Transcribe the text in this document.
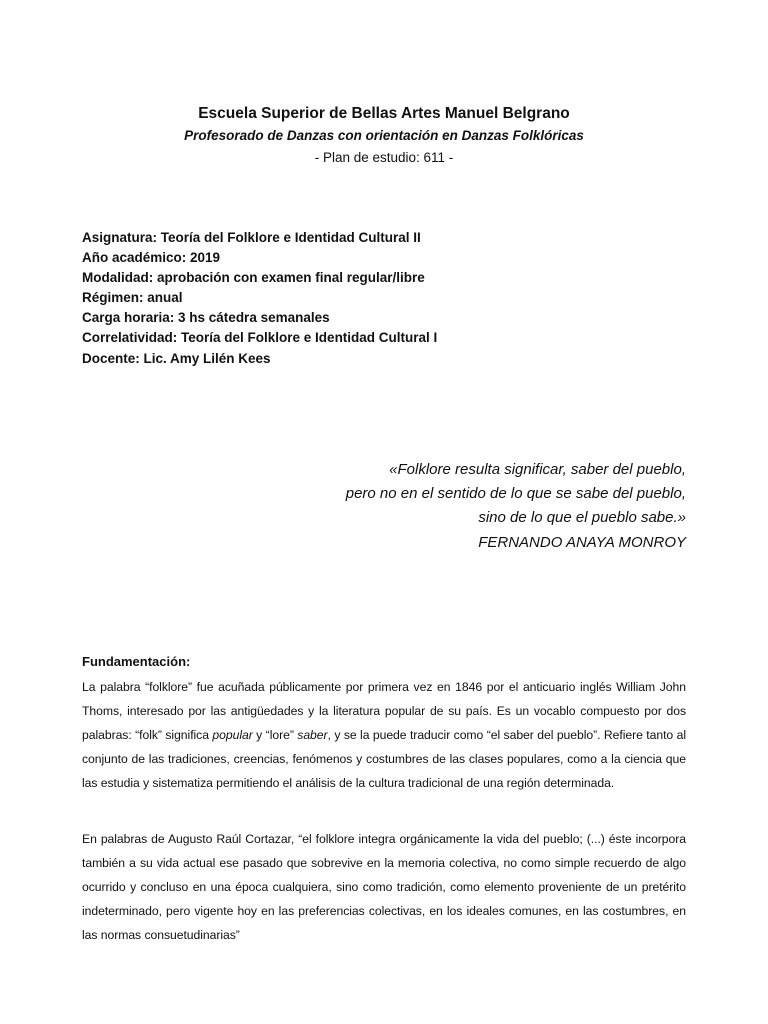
Escuela Superior de Bellas Artes Manuel Belgrano
Profesorado de Danzas con orientación en Danzas Folklóricas
- Plan de estudio: 611 -
Asignatura: Teoría del Folklore e Identidad Cultural II
Año académico: 2019
Modalidad: aprobación con examen final regular/libre
Régimen: anual
Carga horaria: 3 hs cátedra semanales
Correlatividad: Teoría del Folklore e Identidad Cultural I
Docente: Lic. Amy Lilén Kees
«Folklore resulta significar, saber del pueblo,
pero no en el sentido de lo que se sabe del pueblo,
sino de lo que el pueblo sabe.»
FERNANDO ANAYA MONROY
Fundamentación:
La palabra “folklore” fue acuñada públicamente por primera vez en 1846 por el anticuario inglés William John Thoms, interesado por las antigüedades y la literatura popular de su país. Es un vocablo compuesto por dos palabras: “folk” significa popular y “lore” saber, y se la puede traducir como “el saber del pueblo”. Refiere tanto al conjunto de las tradiciones, creencias, fenómenos y costumbres de las clases populares, como a la ciencia que las estudia y sistematiza permitiendo el análisis de la cultura tradicional de una región determinada.
En palabras de Augusto Raúl Cortazar, “el folklore integra orgánicamente la vida del pueblo; (...) éste incorpora también a su vida actual ese pasado que sobrevive en la memoria colectiva, no como simple recuerdo de algo ocurrido y concluso en una época cualquiera, sino como tradición, como elemento proveniente de un pretérito indeterminado, pero vigente hoy en las preferencias colectivas, en los ideales comunes, en las costumbres, en las normas consuetudinarias”
